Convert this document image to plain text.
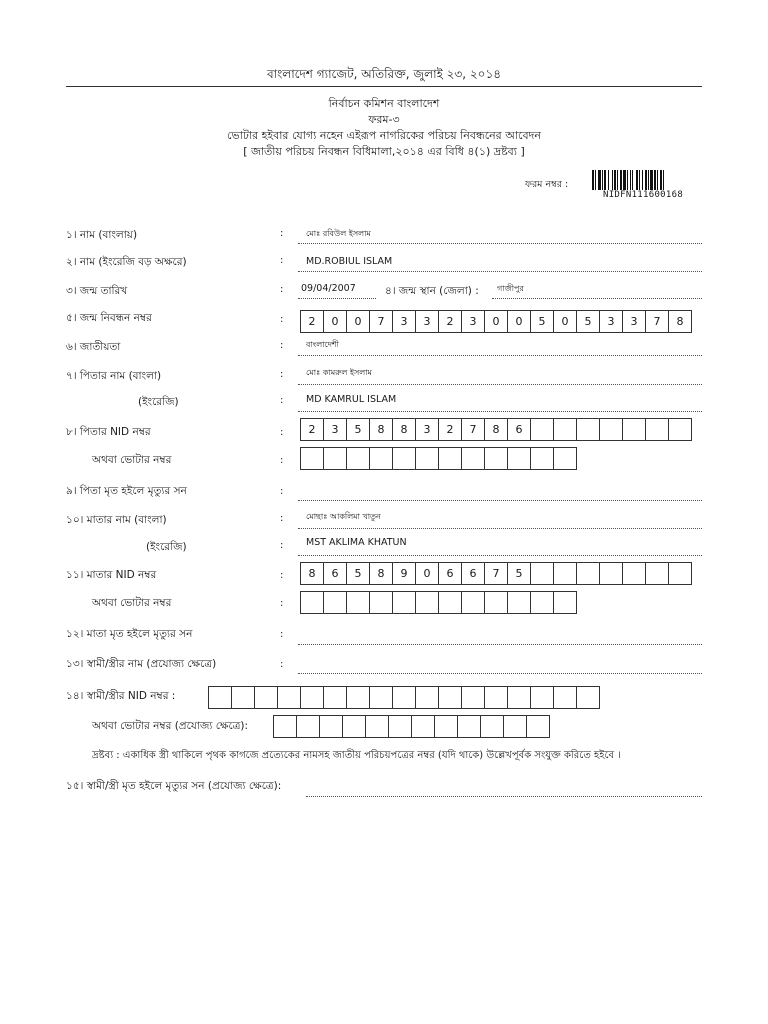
বাংলাদেশ গ্যাজেট, অতিরিক্ত, জুলাই ২৩, ২০১৪
নির্বাচন কমিশন বাংলাদেশ
ফরম-৩
ভোটার হইবার যোগ্য নহেন এইরূপ নাগরিকের পরিচয় নিবন্ধনের আবেদন
[ জাতীয় পরিচয় নিবন্ধন বিধিমালা,২০১৪ এর বিধি ৪(১) দ্রষ্টব্য ]
ফরম নম্বর :
NIDFN111600168
১। নাম (বাংলায়)	:	মোঃ রবিউল ইসলাম
২। নাম (ইংরেজি বড় অক্ষরে)	: MD.ROBIUL ISLAM
৩। জন্ম তারিখ	: 09/04/2007	৪। জন্ম স্থান (জেলা) : গাজীপুর
৫। জন্ম নিবন্ধন নম্বর	:	2	0	0	7	3	3	2	3	0	0	5	0	5	3	3	7	8
৬। জাতীয়তা	:	বাংলাদেশী
৭। পিতার নাম (বাংলা)	:	মোঃ কামরুল ইসলাম
(ইংরেজি)	: MD KAMRUL ISLAM
৮। পিতার NID নম্বর	:	2	3	5	8	8	3	2	7	8	6
অথবা ভোটার নম্বর	:
৯। পিতা মৃত হইলে মৃত্যুর সন	:
১০। মাতার নাম (বাংলা)	:	মোছাঃ আকলিমা খাতুন
(ইংরেজি)	: MST AKLIMA KHATUN
১১। মাতার NID নম্বর	:	8	6	5	8	9	0	6	6	7	5
অথবা ভোটার নম্বর	:
১২। মাতা মৃত হইলে মৃত্যুর সন	:
১৩। স্বামী/স্ত্রীর নাম (প্রযোজ্য ক্ষেত্রে)	:
১৪। স্বামী/স্ত্রীর NID নম্বর :
অথবা ভোটার নম্বর (প্রযোজ্য ক্ষেত্রে):
দ্রষ্টব্য : একাধিক স্ত্রী থাকিলে পৃথক কাগজে প্রত্যেকের নামসহ জাতীয় পরিচয়পত্রের নম্বর (যদি থাকে) উল্লেখপূর্বক সংযুক্ত করিতে হইবে ।
১৫। স্বামী/স্ত্রী মৃত হইলে মৃত্যুর সন (প্রযোজ্য ক্ষেত্রে):
